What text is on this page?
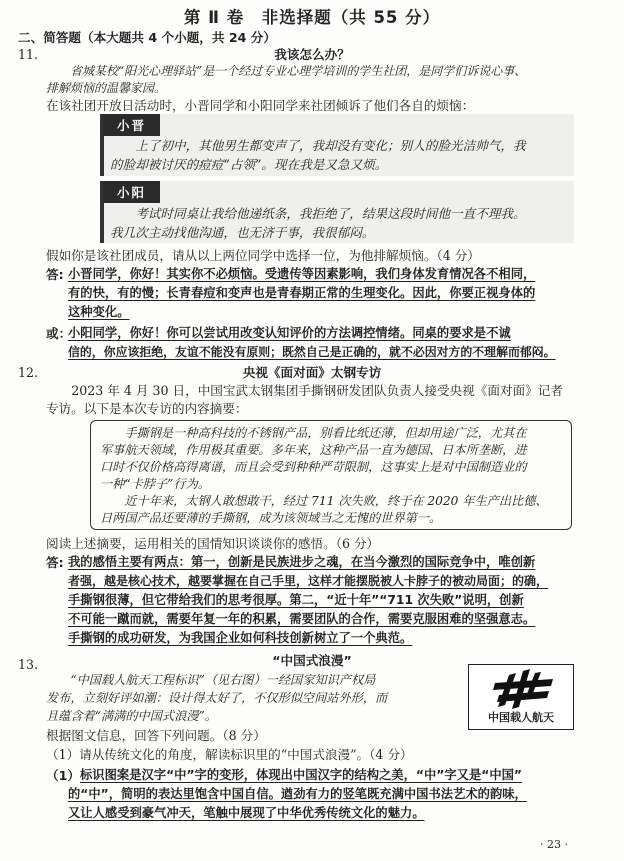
第 Ⅱ 卷　非选择题（共 55 分）
二、简答题（本大题共 4 个小题，共 24 分）
11.	我该怎么办？
　　省城某校“阳光心理驿站”是一个经过专业心理学培训的学生社团，是同学们诉说心事、
排解烦恼的温馨家园。
在该社团开放日活动时，小晋同学和小阳同学来社团倾诉了他们各自的烦恼：
小晋
　　上了初中，其他男生都变声了，我却没有变化；别人的脸光洁帅气，我
的脸却被讨厌的痘痘“占领”。现在我是又急又烦。
小阳
　　考试时同桌让我给他递纸条，我拒绝了，结果这段时间他一直不理我。
我几次主动找他沟通，也无济于事，我很郁闷。
假如你是该社团成员，请从以上两位同学中选择一位，为他排解烦恼。（4 分）
答: 小晋同学，你好！其实你不必烦恼。受遗传等因素影响，我们身体发育情况各不相同，
有的快，有的慢；长青春痘和变声也是青春期正常的生理变化。因此，你要正视身体的
这种变化。
或：
小阳同学，你好！你可以尝试用改变认知评价的方法调控情绪。同桌的要求是不诚
信的，你应该拒绝，友谊不能没有原则；既然自己是正确的，就不必因对方的不理解而郁闷。
12.	央视《面对面》太钢专访
　　2023 年 4 月 30 日，中国宝武太钢集团手撕钢研发团队负责人接受央视《面对面》记者
专访。以下是本次专访的内容摘要：
　　手撕钢是一种高科技的不锈钢产品，别看比纸还薄，但却用途广泛，尤其在
军事航天领域，作用极其重要。多年来，这种产品一直为德国、日本所垄断，进
口时不仅价格高得离谱，而且会受到种种严苛限制，这事实上是对中国制造业的
一种“卡脖子”行为。
　　近十年来，太钢人敢想敢干，经过 711 次失败，终于在 2020 年生产出比德、
日两国产品还要薄的手撕钢，成为该领域当之无愧的世界第一。
阅读上述摘要，运用相关的国情知识谈谈你的感悟。（6 分）
答: 我的感悟主要有两点：第一，创新是民族进步之魂，在当今激烈的国际竞争中，唯创新
者强，越是核心技术，越要掌握在自己手里，这样才能摆脱被人卡脖子的被动局面；的确，
手撕钢很薄，但它带给我们的思考很厚。第二，“近十年”“711 次失败”说明，创新
不可能一蹴而就，需要年复一年的积累，需要团队的合作，需要克服困难的坚强意志。
手撕钢的成功研发，为我国企业如何科技创新树立了一个典范。
13.	“中国式浪漫”
　　“中国载人航天工程标识”（见右图）一经国家知识产权局
发布，立刻好评如潮：设计得太好了，不仅形似空间站外形，而
且蕴含着“满满的中国式浪漫”。	中国载人航天
根据图文信息，回答下列问题。（8 分）
（1）请从传统文化的角度，解读标识里的“中国式浪漫”。（4 分）
（1） 标识图案是汉字“中”字的变形，体现出中国汉字的结构之美，“中”字又是“中国”
的“中”，简明的表达里饱含中国自信。遒劲有力的竖笔既充满中国书法艺术的韵味，
又让人感受到豪气冲天，笔触中展现了中华优秀传统文化的魅力。
· 23 ·
